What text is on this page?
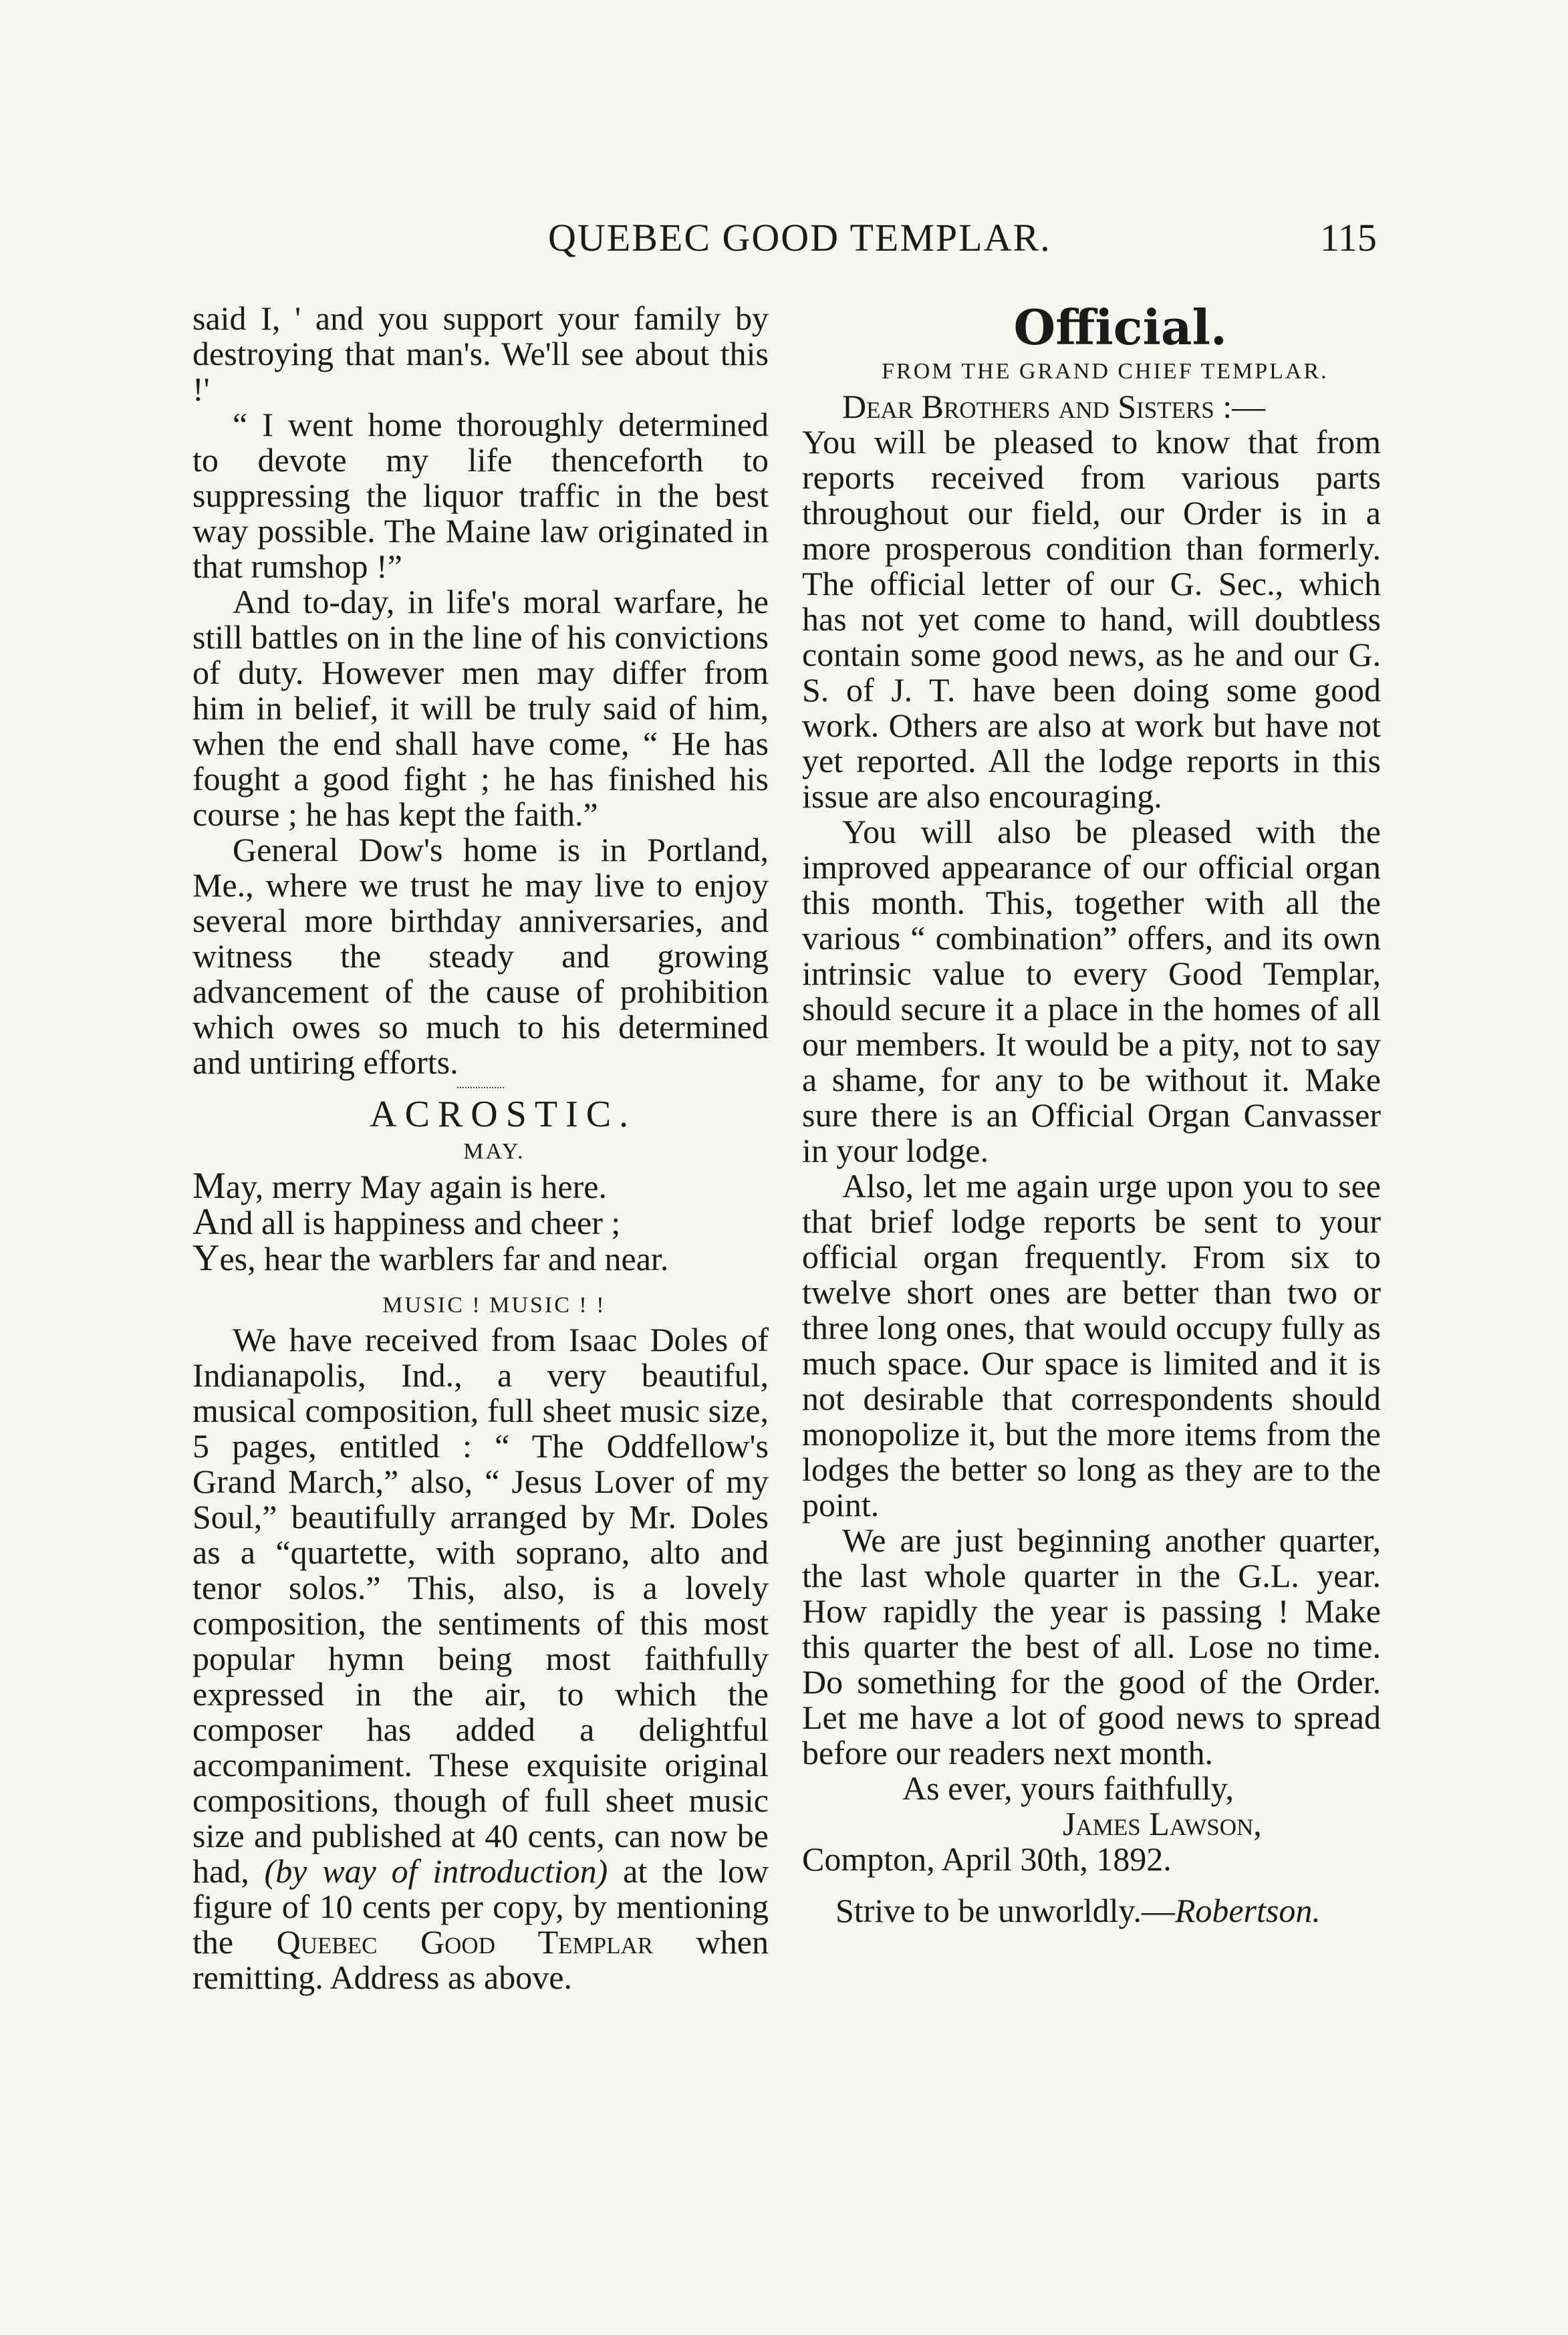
QUEBEC GOOD TEMPLAR.	115

said I, ' and you support your family by destroying that man's. We'll see about this !'

“ I went home thoroughly determined to devote my life thenceforth to suppressing the liquor traffic in the best way possible. The Maine law originated in that rumshop !”

And to-day, in life's moral warfare, he still battles on in the line of his convictions of duty. However men may differ from him in belief, it will be truly said of him, when the end shall have come, “ He has fought a good fight ; he has finished his course ; he has kept the faith.”

General Dow's home is in Portland, Me., where we trust he may live to enjoy several more birthday anniversaries, and witness the steady and growing advancement of the cause of prohibition which owes so much to his determined and untiring efforts.

ACROSTIC.

MAY.

May, merry May again is here.

And all is happiness and cheer ;

Yes, hear the warblers far and near.

MUSIC ! MUSIC ! !

We have received from Isaac Doles of Indianapolis, Ind., a very beautiful, musical composition, full sheet music size, 5 pages, entitled : “ The Oddfellow's Grand March,” also, “ Jesus Lover of my Soul,” beautifully arranged by Mr. Doles as a “quartette, with soprano, alto and tenor solos.” This, also, is a lovely composition, the sentiments of this most popular hymn being most faithfully expressed in the air, to which the composer has added a delightful accompaniment. These exquisite original compositions, though of full sheet music size and published at 40 cents, can now be had, (by way of introduction) at the low figure of 10 cents per copy, by mentioning the Quebec Good Templar when remitting. Address as above.

Official.

FROM THE GRAND CHIEF TEMPLAR.

Dear Brothers and Sisters :—

You will be pleased to know that from reports received from various parts throughout our field, our Order is in a more prosperous condition than formerly. The official letter of our G. Sec., which has not yet come to hand, will doubtless contain some good news, as he and our G. S. of J. T. have been doing some good work. Others are also at work but have not yet reported. All the lodge reports in this issue are also encouraging.

You will also be pleased with the improved appearance of our official organ this month. This, together with all the various “ combination” offers, and its own intrinsic value to every Good Templar, should secure it a place in the homes of all our members. It would be a pity, not to say a shame, for any to be without it. Make sure there is an Official Organ Canvasser in your lodge.

Also, let me again urge upon you to see that brief lodge reports be sent to your official organ frequently. From six to twelve short ones are better than two or three long ones, that would occupy fully as much space. Our space is limited and it is not desirable that correspondents should monopolize it, but the more items from the lodges the better so long as they are to the point.

We are just beginning another quarter, the last whole quarter in the G.L. year. How rapidly the year is passing ! Make this quarter the best of all. Lose no time. Do something for the good of the Order. Let me have a lot of good news to spread before our readers next month.

As ever, yours faithfully,

James Lawson,

Compton, April 30th, 1892.

Strive to be unworldly.—Robertson.
